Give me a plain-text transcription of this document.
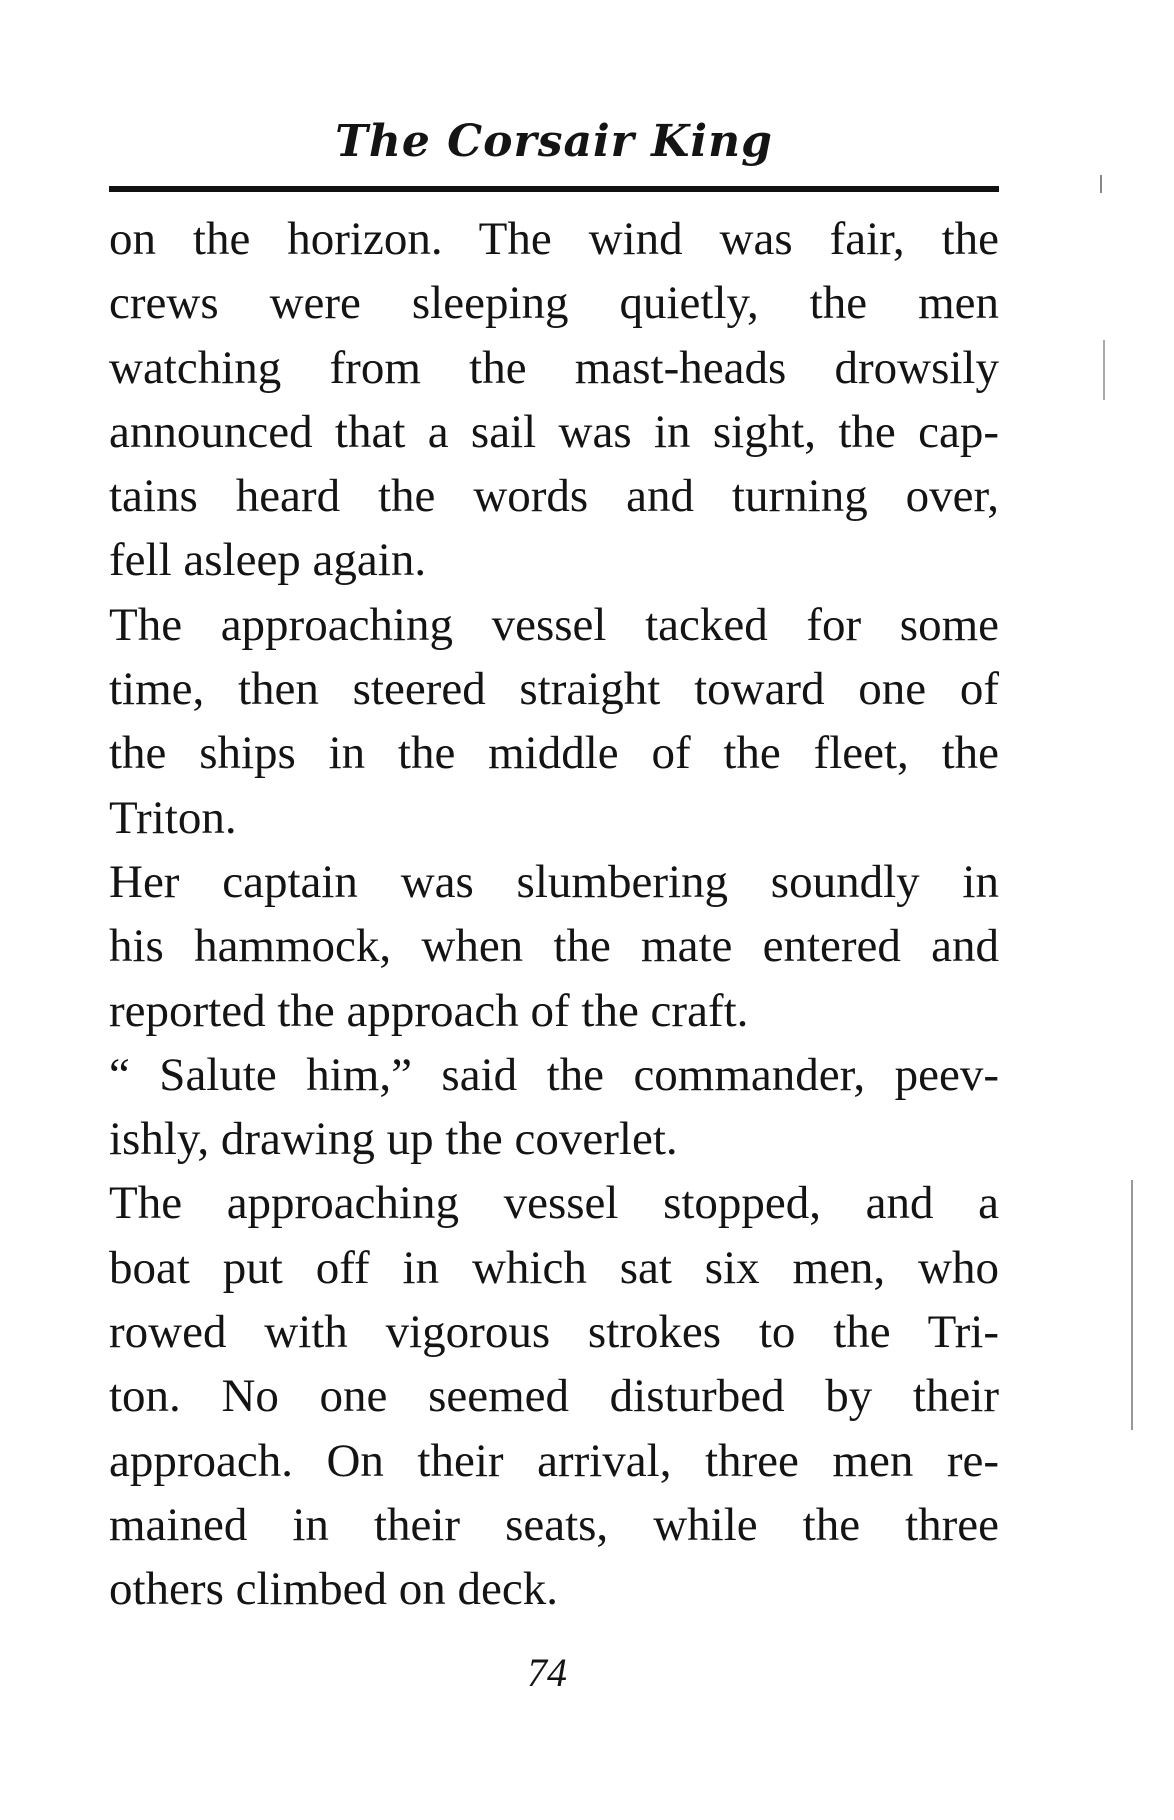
The Corsair King
on the horizon. The wind was fair, the
crews were sleeping quietly, the men
watching from the mast-heads drowsily
announced that a sail was in sight, the cap-
tains heard the words and turning over,
fell asleep again.
The approaching vessel tacked for some
time, then steered straight toward one of
the ships in the middle of the fleet, the
Triton.
Her captain was slumbering soundly in
his hammock, when the mate entered and
reported the approach of the craft.
“ Salute him,” said the commander, peev-
ishly, drawing up the coverlet.
The approaching vessel stopped, and a
boat put off in which sat six men, who
rowed with vigorous strokes to the Tri-
ton. No one seemed disturbed by their
approach. On their arrival, three men re-
mained in their seats, while the three
others climbed on deck.
74
